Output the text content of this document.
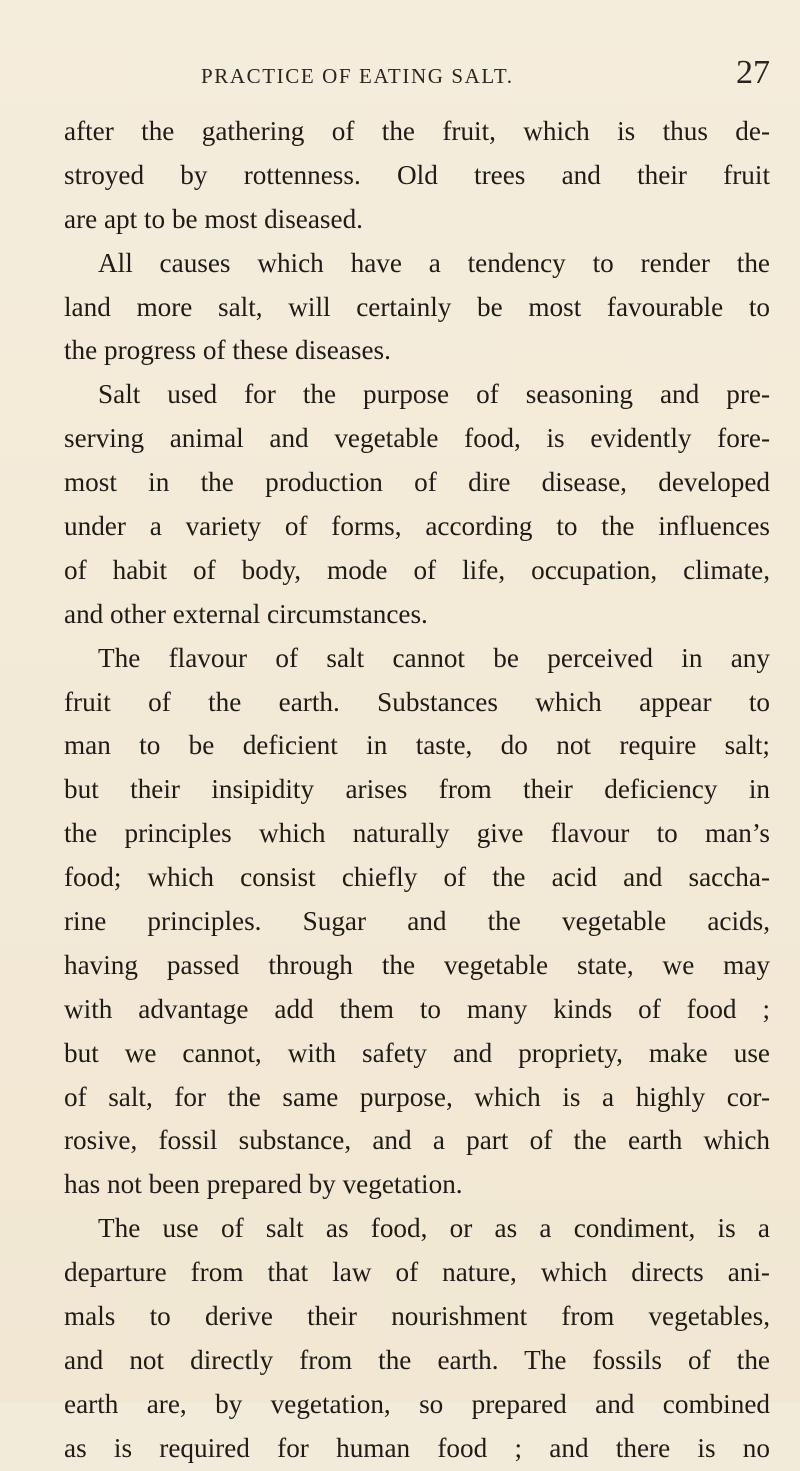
PRACTICE OF EATING SALT.	27
after the gathering of the fruit, which is thus de-
stroyed by rottenness. Old trees and their fruit
are apt to be most diseased.
All causes which have a tendency to render the
land more salt, will certainly be most favourable to
the progress of these diseases.
Salt used for the purpose of seasoning and pre-
serving animal and vegetable food, is evidently fore-
most in the production of dire disease, developed
under a variety of forms, according to the influences
of habit of body, mode of life, occupation, climate,
and other external circumstances.
The flavour of salt cannot be perceived in any
fruit of the earth. Substances which appear to
man to be deficient in taste, do not require salt;
but their insipidity arises from their deficiency in
the principles which naturally give flavour to man’s
food; which consist chiefly of the acid and saccha-
rine principles. Sugar and the vegetable acids,
having passed through the vegetable state, we may
with advantage add them to many kinds of food ;
but we cannot, with safety and propriety, make use
of salt, for the same purpose, which is a highly cor-
rosive, fossil substance, and a part of the earth which
has not been prepared by vegetation.
The use of salt as food, or as a condiment, is a
departure from that law of nature, which directs ani-
mals to derive their nourishment from vegetables,
and not directly from the earth. The fossils of the
earth are, by vegetation, so prepared and combined
as is required for human food ; and there is no
